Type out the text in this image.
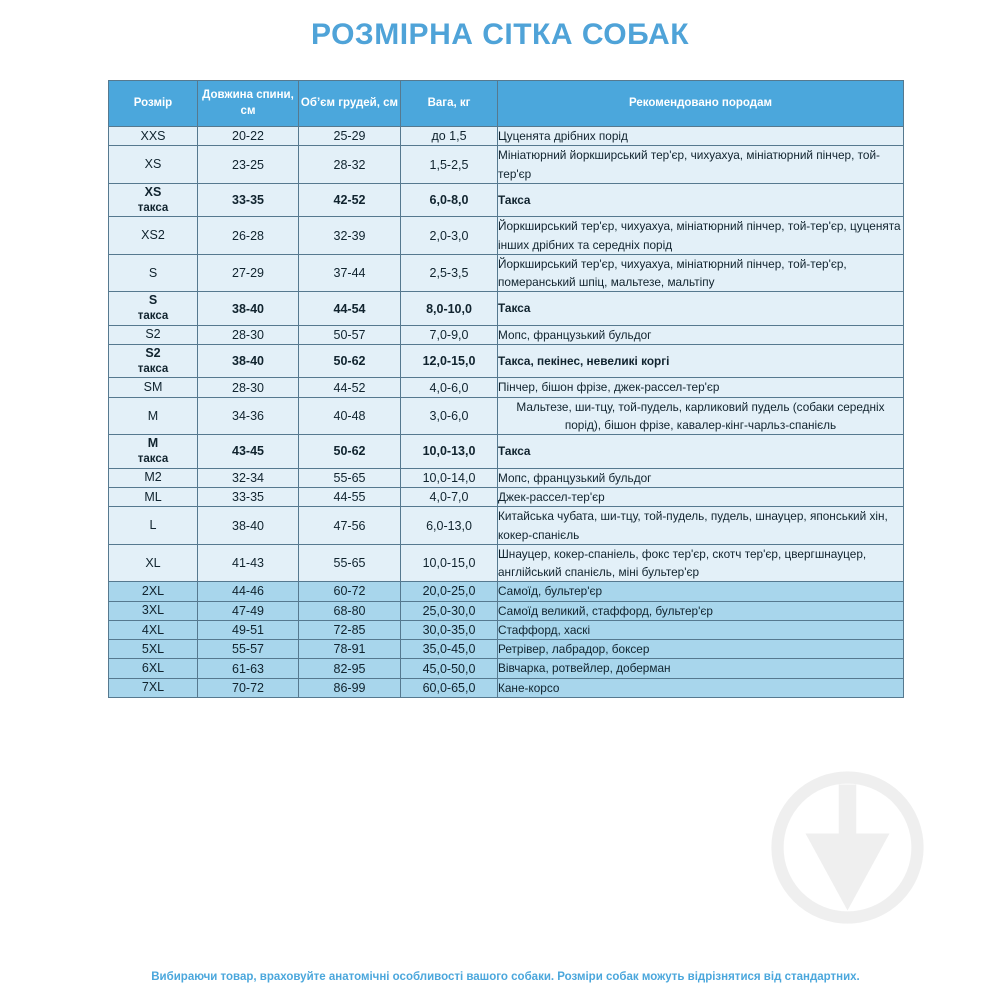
РОЗМІРНА СІТКА СОБАК
Розмір	Довжина спини, см	Об’єм грудей, см	Вага, кг	Рекомендовано породам

XXS	20-22	25-29	до 1,5	Цуценята дрібних порід

XS	23-25	28-32	1,5-2,5	Мініатюрний йоркширський тер'єр, чихуахуа, мініатюрний пінчер, той-тер'єр

XS
такса	33-35	42-52	6,0-8,0	Такса

XS2	26-28	32-39	2,0-3,0	Йоркширський тер'єр, чихуахуа, мініатюрний пінчер, той-тер'єр, цуценята інших дрібних та середніх порід

S	27-29	37-44	2,5-3,5	Йоркширський тер'єр, чихуахуа, мініатюрний пінчер, той-тер'єр, померанський шпіц, мальтезе, мальтіпу

S
такса	38-40	44-54	8,0-10,0	Такса

S2	28-30	50-57	7,0-9,0	Мопс, французький бульдог

S2
такса	38-40	50-62	12,0-15,0	Такса, пекінес, невеликі коргі

SM	28-30	44-52	4,0-6,0	Пінчер, бішон фрізе, джек-рассел-тер'єр

M	34-36	40-48	3,0-6,0	Мальтезе, ши-тцу, той-пудель, карликовий пудель (собаки середніх порід), бішон фрізе, кавалер-кінг-чарльз-спанієль

M
такса	43-45	50-62	10,0-13,0	Такса

M2	32-34	55-65	10,0-14,0	Мопс, французький бульдог

ML	33-35	44-55	4,0-7,0	Джек-рассел-тер'єр

L	38-40	47-56	6,0-13,0	Китайська чубата, ши-тцу, той-пудель, пудель, шнауцер, японський хін, кокер-спанієль

XL	41-43	55-65	10,0-15,0	Шнауцер, кокер-спаніель, фокс тер'єр, скотч тер'єр, цвергшнауцер, англійський спанієль, міні бультер'єр

2XL	44-46	60-72	20,0-25,0	Самоїд, бультер'єр

3XL	47-49	68-80	25,0-30,0	Самоїд великий, стаффорд, бультер'єр

4XL	49-51	72-85	30,0-35,0	Стаффорд, хаскі

5XL	55-57	78-91	35,0-45,0	Ретрівер, лабрадор, боксер

6XL	61-63	82-95	45,0-50,0	Вівчарка, ротвейлер, доберман

7XL	70-72	86-99	60,0-65,0	Кане-корсо
Вибираючи товар, враховуйте анатомічні особливості вашого собаки. Розміри собак можуть відрізнятися від стандартних.
